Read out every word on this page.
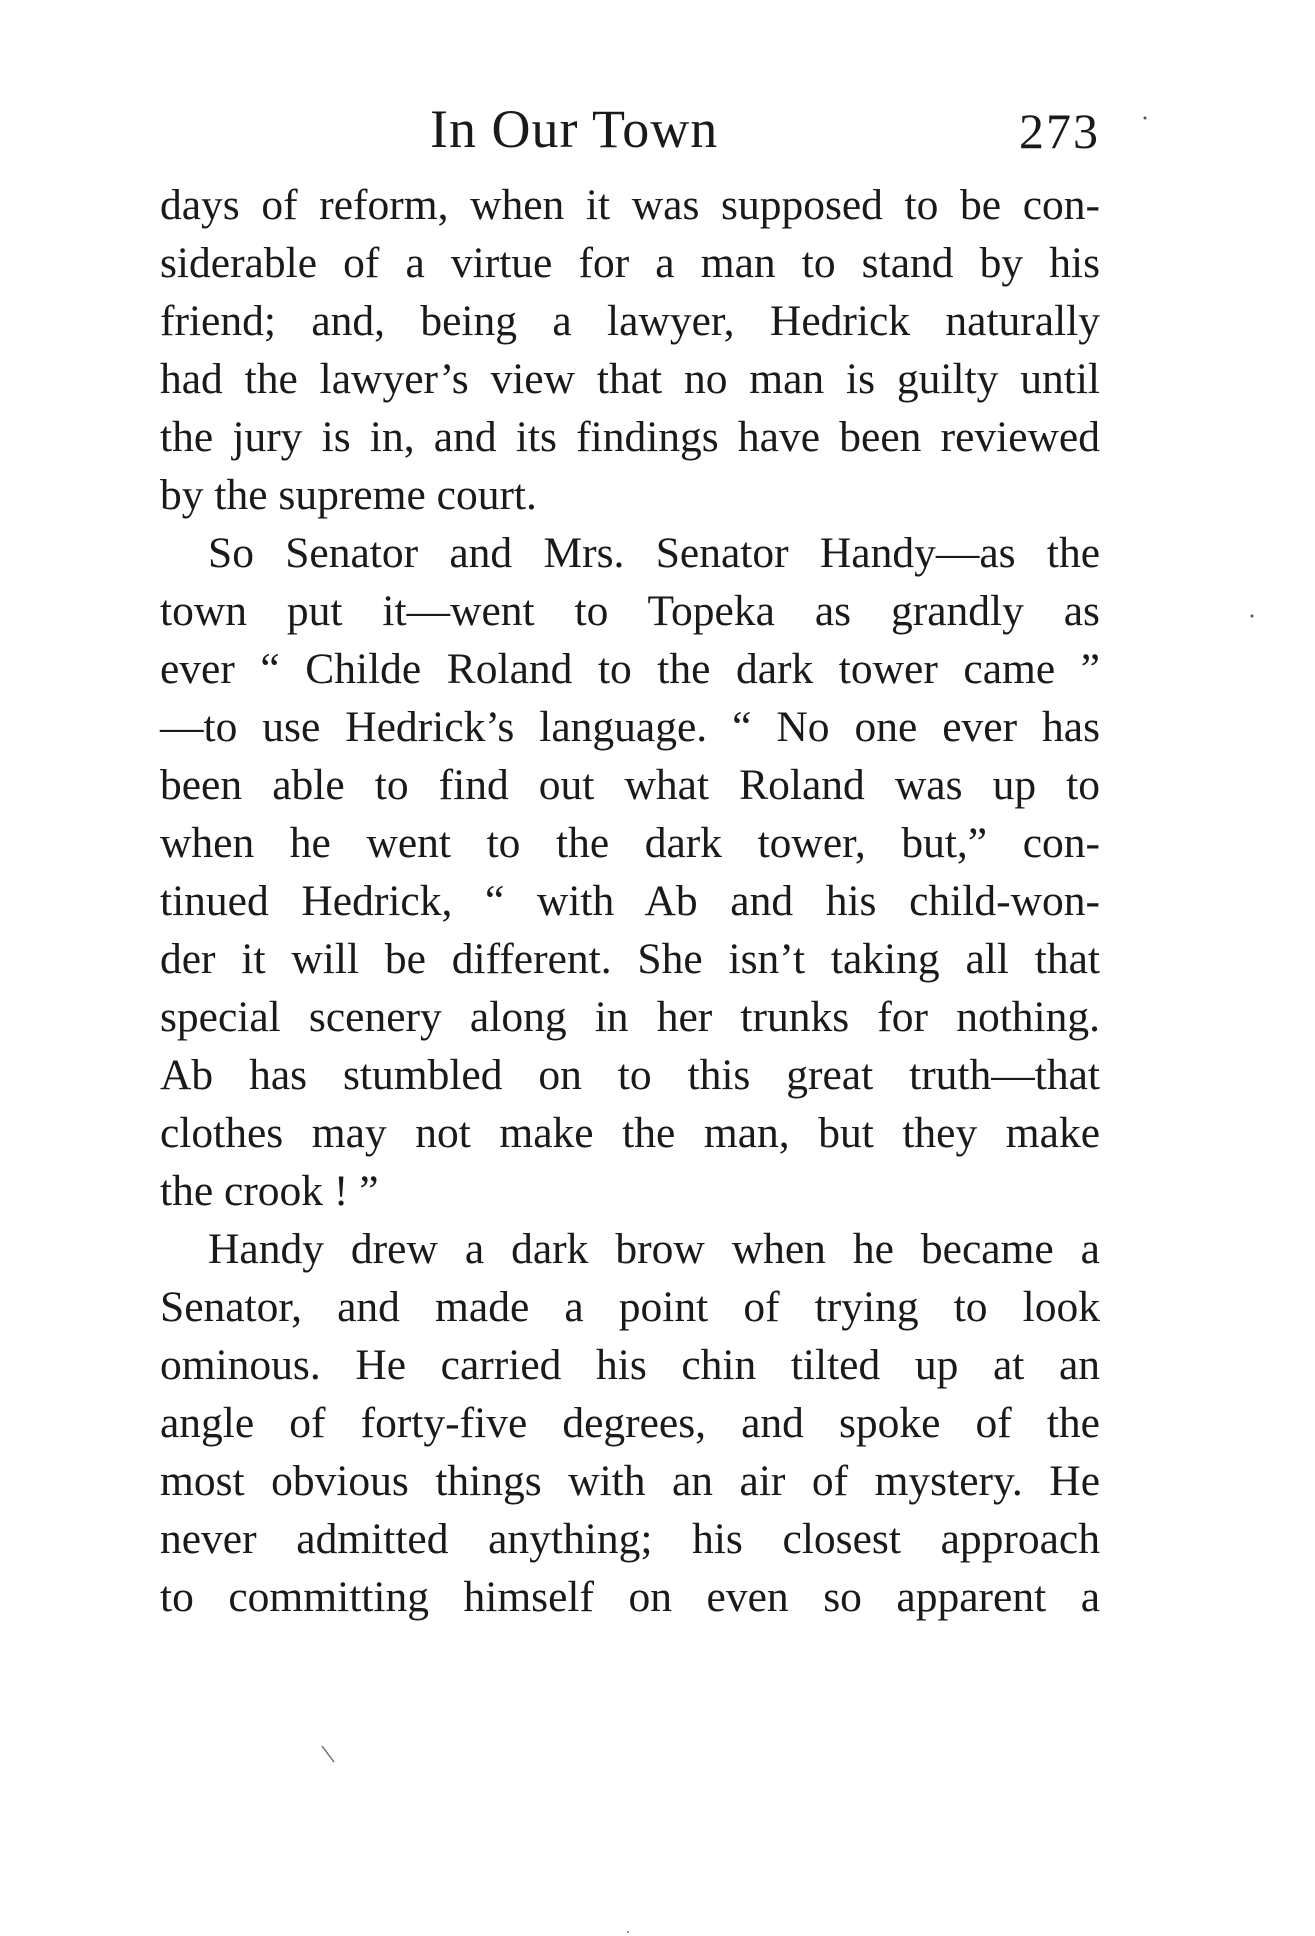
In Our Town	273
days of reform, when it was supposed to be con-
siderable of a virtue for a man to stand by his
friend; and, being a lawyer, Hedrick naturally
had the lawyer’s view that no man is guilty until
the jury is in, and its findings have been reviewed
by the supreme court.
So Senator and Mrs. Senator Handy—as the
town put it—went to Topeka as grandly as
ever “ Childe Roland to the dark tower came ”
—to use Hedrick’s language. “ No one ever has
been able to find out what Roland was up to
when he went to the dark tower, but,” con-
tinued Hedrick, “ with Ab and his child-won-
der it will be different. She isn’t taking all that
special scenery along in her trunks for nothing.
Ab has stumbled on to this great truth—that
clothes may not make the man, but they make
the crook ! ”
Handy drew a dark brow when he became a
Senator, and made a point of trying to look
ominous. He carried his chin tilted up at an
angle of forty-five degrees, and spoke of the
most obvious things with an air of mystery. He
never admitted anything; his closest approach
to committing himself on even so apparent a
